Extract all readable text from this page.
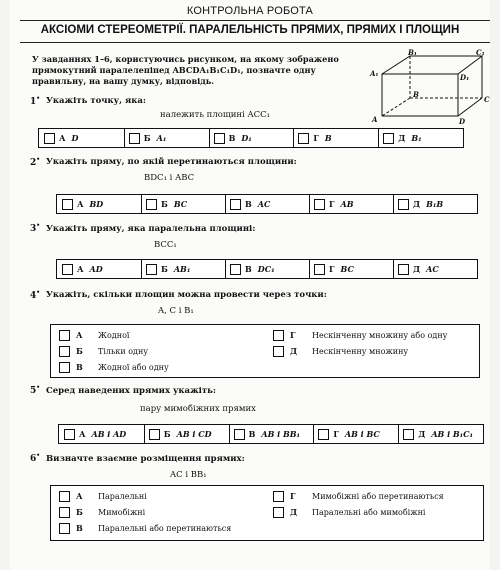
КОНТРОЛЬНА РОБОТА
АКСІОМИ СТЕРЕОМЕТРІЇ. ПАРАЛЕЛЬНІСТЬ ПРЯМИХ, ПРЯМИХ І ПЛОЩИН
У завданнях 1–6, користуючись рисунком, на якому зображено прямокутний паралелепіпед ABCDA₁B₁C₁D₁, позначте одну правильну, на вашу думку, відповідь.
B₁	C₁
A₁	D₁
B
C
A	D
1• Укажіть точку, яка:
належить площині ACC₁
А D	Б A₁	В D₁	Г B	Д B₁
2• Укажіть пряму, по якій перетинаються площини:
BDC₁ і ABC
А BD	Б BC	В AC	Г AB	Д B₁B
3• Укажіть пряму, яка паралельна площині:
BCC₁
А AD	Б AB₁	В DC₁	Г BC	Д AC
4• Укажіть, скільки площин можна провести через точки:
A, C і B₁
А	Жодної
Б	Тільки одну
В	Жодної або одну
Г	Нескінченну множину або одну
Д	Нескінченну множину
5• Серед наведених прямих укажіть:
пару мимобіжних прямих
А AB і AD	Б AB і CD	В AB і BB₁	Г AB і BC	Д AB і B₁C₁
6• Визначте взаємне розміщення прямих:
AC і BB₁
А	Паралельні
Б	Мимобіжні
В	Паралельні або перетинаються
Г	Мимобіжні або перетинаються
Д	Паралельні або мимобіжні
